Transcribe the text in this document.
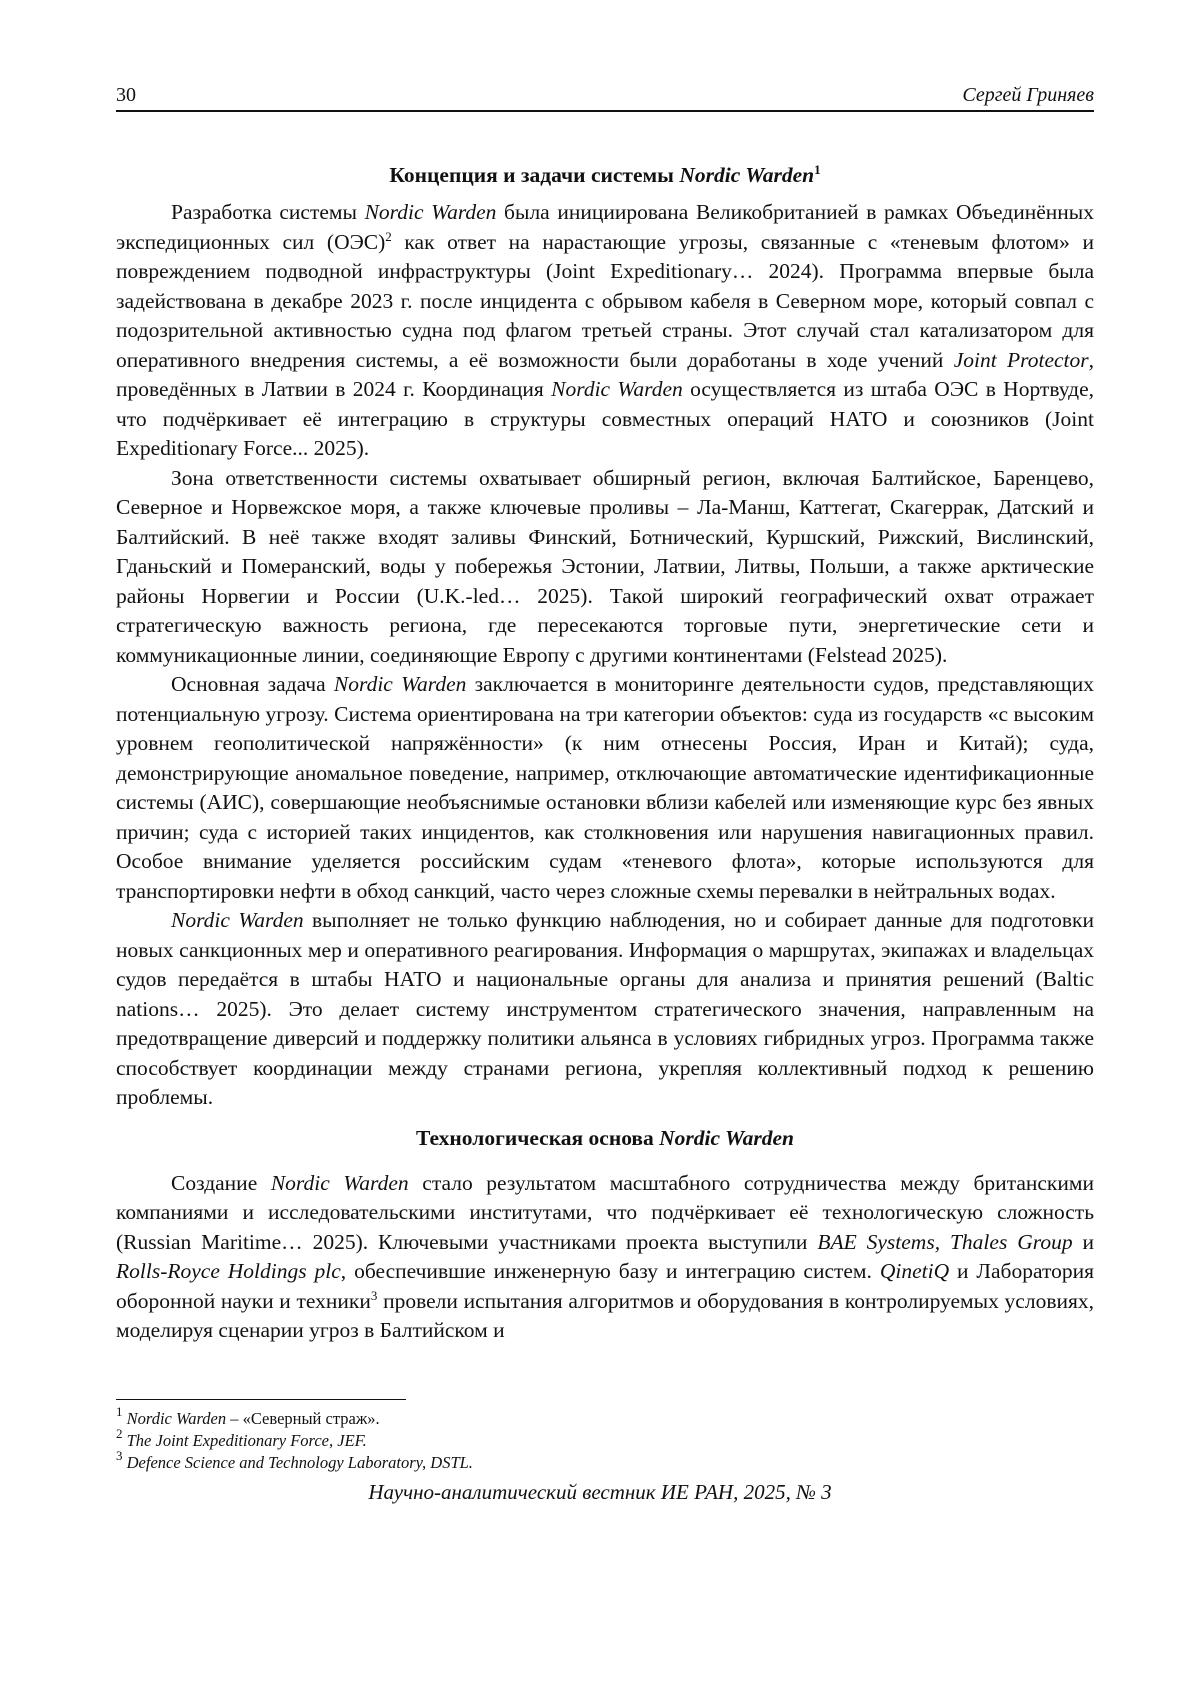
30	Сергей Гриняев
Концепция и задачи системы Nordic Warden$^1$

Разработка системы Nordic Warden была инициирована Великобританией в рамках Объединённых экспедиционных сил (ОЭС)$^2$ как ответ на нарастающие угрозы, связанные с «теневым флотом» и повреждением подводной инфраструктуры (Joint Expeditionary… 2024). Программа впервые была задействована в декабре 2023 г. после инцидента с обрывом кабеля в Северном море, который совпал с подозрительной активностью судна под флагом третьей страны. Этот случай стал катализатором для оперативного внедрения системы, а её возможности были доработаны в ходе учений Joint Protector, проведённых в Латвии в 2024 г. Координация Nordic Warden осуществляется из штаба ОЭС в Нортвуде, что подчёркивает её интеграцию в структуры совместных операций НАТО и союзников (Joint Expeditionary Force... 2025).

Зона ответственности системы охватывает обширный регион, включая Балтийское, Баренцево, Северное и Норвежское моря, а также ключевые проливы – Ла-Манш, Каттегат, Скагеррак, Датский и Балтийский. В неё также входят заливы Финский, Ботнический, Куршский, Рижский, Вислинский, Гданьский и Померанский, воды у побережья Эстонии, Латвии, Литвы, Польши, а также арктические районы Норвегии и России (U.K.-led… 2025). Такой широкий географический охват отражает стратегическую важность региона, где пересекаются торговые пути, энергетические сети и коммуникационные линии, соединяющие Европу с другими континентами (Felstead 2025).

Основная задача Nordic Warden заключается в мониторинге деятельности судов, представляющих потенциальную угрозу. Система ориентирована на три категории объектов: суда из государств «с высоким уровнем геополитической напряжённости» (к ним отнесены Россия, Иран и Китай); суда, демонстрирующие аномальное поведение, например, отключающие автоматические идентификационные системы (АИС), совершающие необъяснимые остановки вблизи кабелей или изменяющие курс без явных причин; суда с историей таких инцидентов, как столкновения или нарушения навигационных правил. Особое внимание уделяется российским судам «теневого флота», которые используются для транспортировки нефти в обход санкций, часто через сложные схемы перевалки в нейтральных водах.

Nordic Warden выполняет не только функцию наблюдения, но и собирает данные для подготовки новых санкционных мер и оперативного реагирования. Информация о маршрутах, экипажах и владельцах судов передаётся в штабы НАТО и национальные органы для анализа и принятия решений (Baltic nations… 2025). Это делает систему инструментом стратегического значения, направленным на предотвращение диверсий и поддержку политики альянса в условиях гибридных угроз. Программа также способствует координации между странами региона, укрепляя коллективный подход к решению проблемы.

Технологическая основа Nordic Warden

Создание Nordic Warden стало результатом масштабного сотрудничества между британскими компаниями и исследовательскими институтами, что подчёркивает её технологическую сложность (Russian Maritime… 2025). Ключевыми участниками проекта выступили BAE Systems, Thales Group и Rolls-Royce Holdings plc, обеспечившие инженерную базу и интеграцию систем. QinetiQ и Лаборатория оборонной науки и техники$^3$ провели испытания алгоритмов и оборудования в контролируемых условиях, моделируя сценарии угроз в Балтийском и

$^1$ Nordic Warden – «Северный страж».
$^2$ The Joint Expeditionary Force, JEF.
$^3$ Defence Science and Technology Laboratory, DSTL.
Научно-аналитический вестник ИЕ РАН, 2025, № 3
